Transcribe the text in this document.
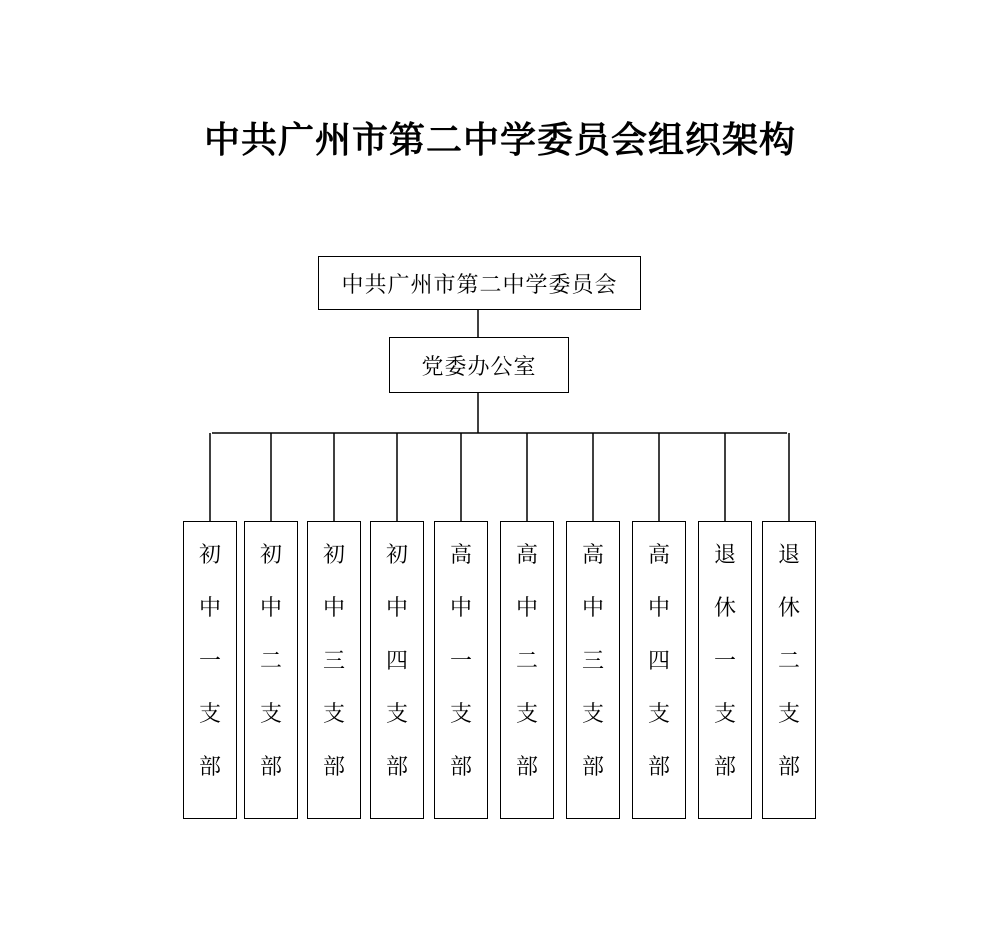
中共广州市第二中学委员会组织架构
中共广州市第二中学委员会
党委办公室
初
中
一
支
部
初
中
二
支
部
初
中
三
支
部
初
中
四
支
部
高
中
一
支
部
高
中
二
支
部
高
中
三
支
部
高
中
四
支
部
退
休
一
支
部
退
休
二
支
部
